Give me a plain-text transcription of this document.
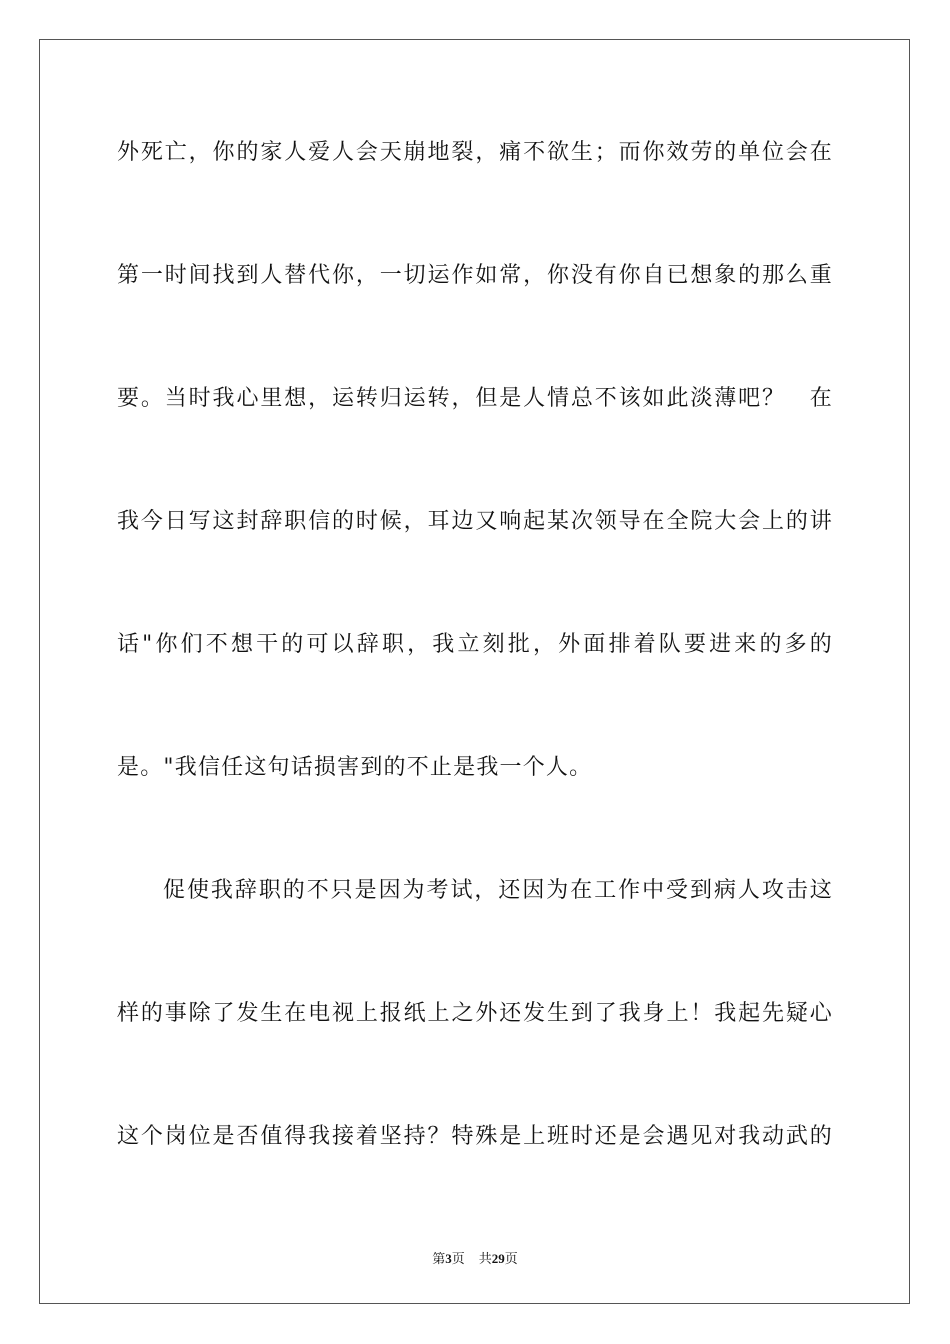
外死亡，你的家人爱人会天崩地裂，痛不欲生；而你效劳的单位会在
第一时间找到人替代你，一切运作如常，你没有你自已想象的那么重
要。当时我心里想，运转归运转，但是人情总不该如此淡薄吧？　在
我今日写这封辞职信的时候，耳边又响起某次领导在全院大会上的讲
话"你们不想干的可以辞职，我立刻批，外面排着队要进来的多的
是。"我信任这句话损害到的不止是我一个人。
促使我辞职的不只是因为考试，还因为在工作中受到病人攻击这
样的事除了发生在电视上报纸上之外还发生到了我身上！我起先疑心
这个岗位是否值得我接着坚持？特殊是上班时还是会遇见对我动武的
第3页 共29页
